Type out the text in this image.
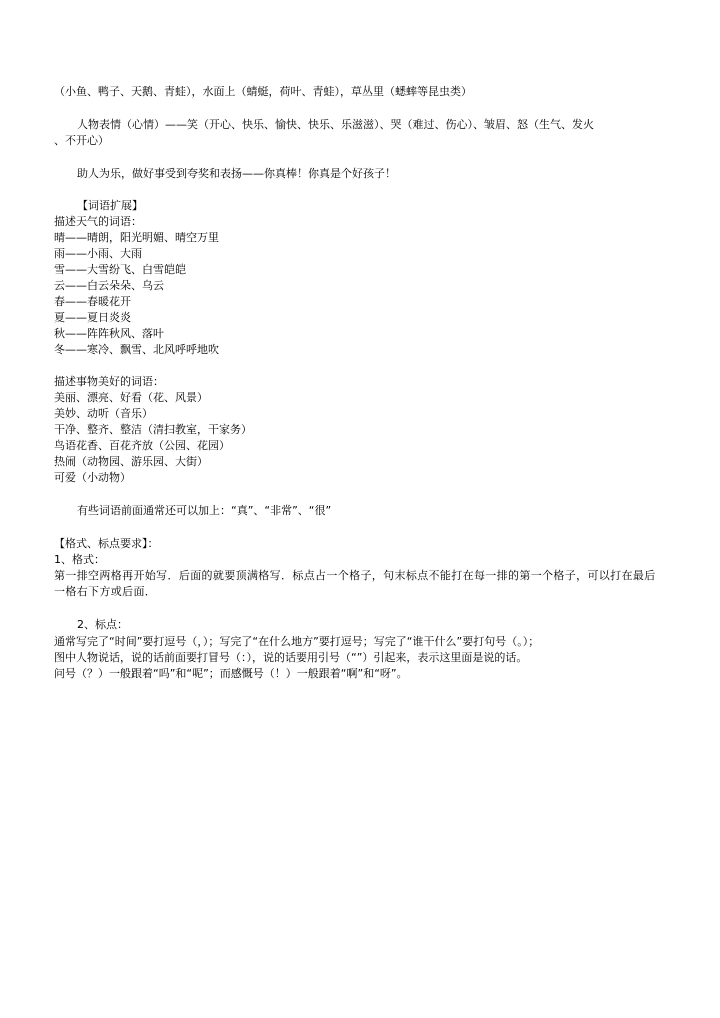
（小鱼、鸭子、天鹅、青蛙），水面上（蜻蜓，荷叶、青蛙），草丛里（蟋蟀等昆虫类）
人物表情（心情）——笑（开心、快乐、愉快、快乐、乐滋滋）、哭（难过、伤心）、皱眉、怒（生气、发火
、不开心）
助人为乐，做好事受到夸奖和表扬——你真棒！你真是个好孩子！
【词语扩展】
描述天气的词语：
晴——晴朗，阳光明媚、晴空万里
雨——小雨、大雨
雪——大雪纷飞、白雪皑皑
云——白云朵朵、乌云
春——春暖花开
夏——夏日炎炎
秋——阵阵秋风、落叶
冬——寒冷、飘雪、北风呼呼地吹
描述事物美好的词语：
美丽、漂亮、好看（花、风景）
美妙、动听（音乐）
干净、整齐、整洁（清扫教室，干家务）
鸟语花香、百花齐放（公园、花园）
热闹（动物园、游乐园、大街）
可爱（小动物）
有些词语前面通常还可以加上：“真”、“非常”、“很”
【格式、标点要求】：
1、格式：
第一排空两格再开始写．后面的就要顶满格写．标点占一个格子，句末标点不能打在每一排的第一个格子，可以打在最后一格右下方或后面．
2、标点：
通常写完了“时间”要打逗号（，）；写完了“在什么地方”要打逗号；写完了“谁干什么”要打句号（。）；
图中人物说话，说的话前面要打冒号（：），说的话要用引号（“”）引起来，表示这里面是说的话。
问号（？）一般跟着“吗”和“呢”；而感慨号（！）一般跟着“啊”和“呀”。
